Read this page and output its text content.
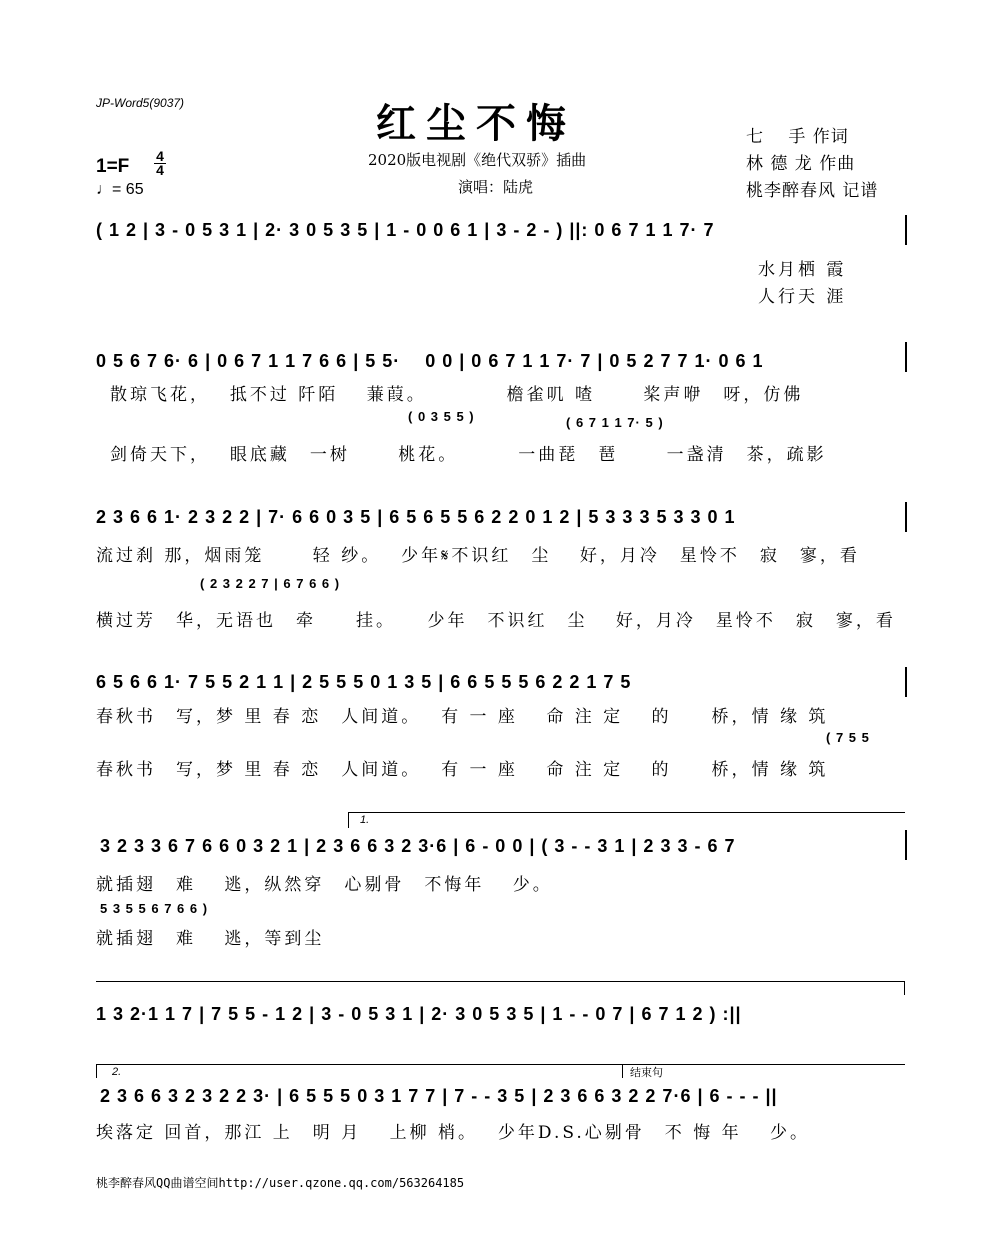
JP-Word5(9037)	红尘不悔
2020版电视剧《绝代双骄》插曲
演唱：陆虎
七　 手 作词
林 德 龙 作曲
桃李醉春风 记谱
1=F 4
4
♩= 65
( 1 2 | 3 - 0 5 3 1 | 2· 3 0 5 3 5 | 1 - 0 0 6 1 | 3 - 2 - ) ||: 0 6 7 1 1 7· 7
水月栖 霞
人行天 涯
0 5 6 7 6· 6 | 0 6 7 1 1 7 6 6 | 5 5·　 0 0 | 0 6 7 1 1 7· 7 | 0 5 2 7 7 1· 0 6 1
散琼飞花，　 抵不过 阡陌　 蒹葭。　　　　 檐雀叽 喳　　 桨声咿　呀，仿佛
( 0 3 5 5 )	( 6 7 1 1 7· 5 )
剑倚天下，　 眼底藏　一树　　 桃花。　　　 一曲琵　琶　　 一盏清　茶，疏影
2 3 6 6 1· 2 3 2 2 | 7· 6 6 0 3 5 | 6 5 6 5 5 6 2 2 0 1 2 | 5 3 3 3 5 3 3 0 1
流过刹 那，烟雨笼　　 轻 纱。　 少年𝄋不识红　尘　 好，月冷　星怜不　寂　寥，看
( 2 3 2 2 7 | 6 7 6 6 )
横过芳　华，无语也　牵　　挂。　　少年　不识红　尘　 好，月冷　星怜不　寂　寥，看
6 5 6 6 1· 7 5 5 2 1 1 | 2 5 5 5 0 1 3 5 | 6 6 5 5 5 6 2 2 1 7 5
春秋书　写，梦 里 春 恋　人间道。　 有 一 座　 命 注 定　 的　　桥，情 缘 筑
( 7 5 5
春秋书　写，梦 里 春 恋　人间道。　 有 一 座　 命 注 定　 的　　桥，情 缘 筑
1.
3 2 3 3 6 7 6 6 0 3 2 1 | 2 3 6 6 3 2 3·6 | 6 - 0 0 | ( 3 - - 3 1 | 2 3 3 - 6 7
就插翅　难　 逃，纵然穿　心剔骨　不悔年　 少。
5 3 5 5 6 7 6 6 )
就插翅　难　 逃，等到尘
1 3 2·1 1 7 | 7 5 5 - 1 2 | 3 - 0 5 3 1 | 2· 3 0 5 3 5 | 1 - - 0 7 | 6 7 1 2 ) :||
2.	结束句
2 3 6 6 3 2 3 2 2 3· | 6 5 5 5 0 3 1 7 7 | 7 - - 3 5 | 2 3 6 6 3 2 2 7·6 | 6 - - - ||
埃落定 回首，那江 上　明 月　 上柳 梢。　 少年D.S.心剔骨　不 悔 年　 少。
桃李醉春风QQ曲谱空间http://user.qzone.qq.com/563264185
